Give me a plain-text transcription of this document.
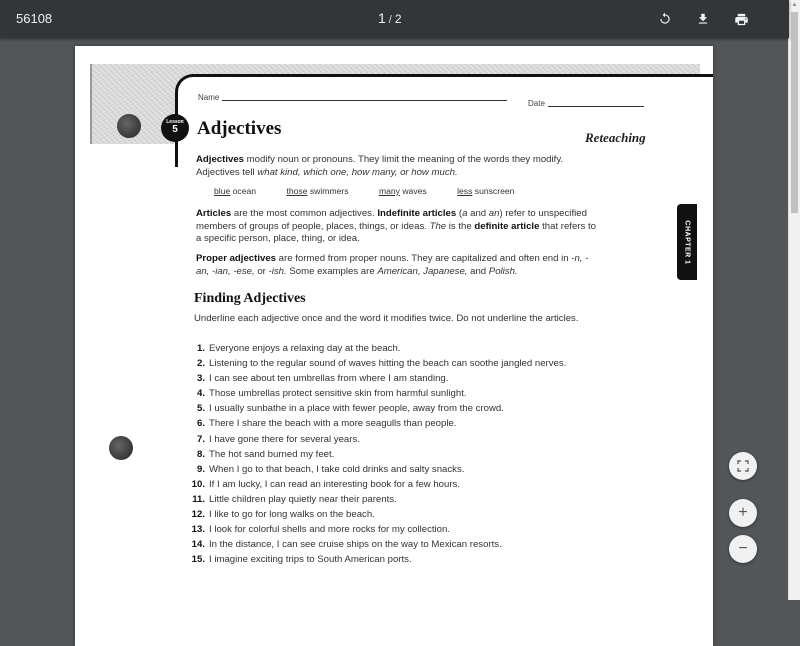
56108	1 / 2
▲
Lesson
5
Name
Date
Adjectives	Reteaching
CHAPTER 1
Adjectives modify noun or pronouns. They limit the meaning of the words they modify. Adjectives tell what kind, which one, how many, or how much.
blue ocean	those swimmers	many waves	less sunscreen
Articles are the most common adjectives. Indefinite articles (a and an) refer to unspecified members of groups of people, places, things, or ideas. The is the definite article that refers to a specific person, place, thing, or idea.
Proper adjectives are formed from proper nouns. They are capitalized and often end in -n, -an, -ian, -ese, or -ish. Some examples are American, Japanese, and Polish.
Finding Adjectives
Underline each adjective once and the word it modifies twice. Do not underline the articles.
1. Everyone enjoys a relaxing day at the beach.
2. Listening to the regular sound of waves hitting the beach can soothe jangled nerves.
3. I can see about ten umbrellas from where I am standing.
4. Those umbrellas protect sensitive skin from harmful sunlight.
5. I usually sunbathe in a place with fewer people, away from the crowd.
6. There I share the beach with a more seagulls than people.
7. I have gone there for several years.
8. The hot sand burned my feet.
9. When I go to that beach, I take cold drinks and salty snacks.
10. If I am lucky, I can read an interesting book for a few hours.
11. Little children play quietly near their parents.
12. I like to go for long walks on the beach.
13. I look for colorful shells and more rocks for my collection.
14. In the distance, I can see cruise ships on the way to Mexican resorts.
15. I imagine exciting trips to South American ports.
+
−
